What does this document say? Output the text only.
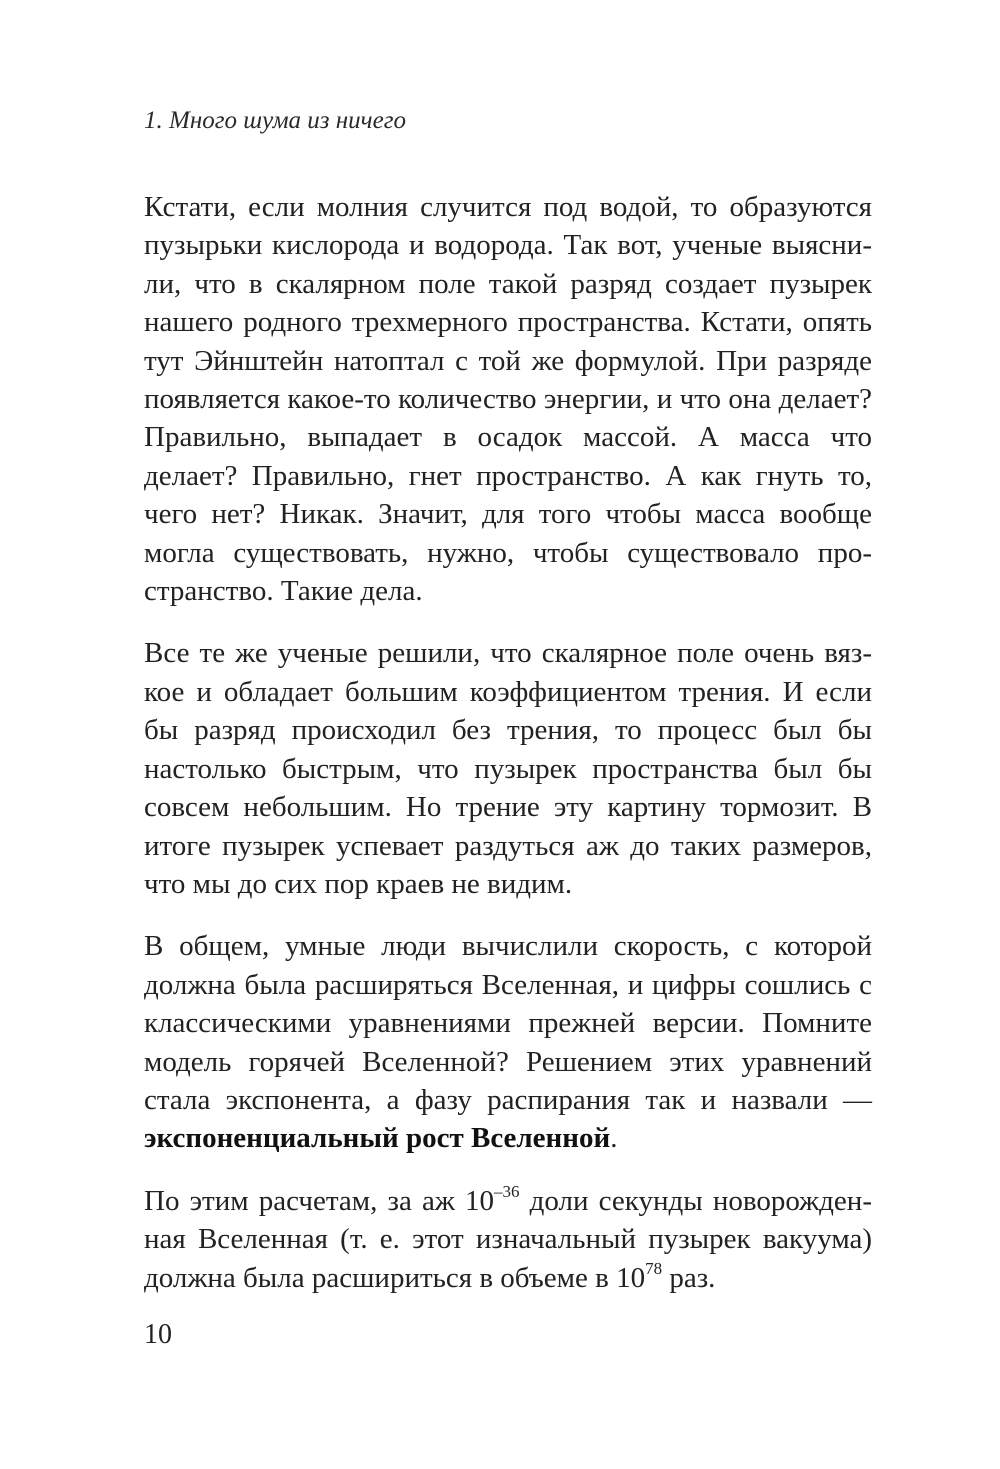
1. Много шума из ничего

Кстати, если молния случится под водой, то образуются пузырьки кислорода и водорода. Так вот, ученые выяснили, что в скалярном поле такой разряд создает пузырек нашего родного трехмерного пространства. Кстати, опять тут Эйнштейн натоптал с той же формулой. При разряде появляется какое-то количество энергии, и что она делает? Правильно, выпадает в осадок массой. А масса что делает? Правильно, гнет пространство. А как гнуть то, чего нет? Никак. Значит, для того чтобы масса вообще могла существовать, нужно, чтобы существовало пространство. Такие дела.

Все те же ученые решили, что скалярное поле очень вязкое и обладает большим коэффициентом трения. И если бы разряд происходил без трения, то процесс был бы настолько быстрым, что пузырек пространства был бы совсем небольшим. Но трение эту картину тормозит. В итоге пузырек успевает раздуться аж до таких размеров, что мы до сих пор краев не видим.

В общем, умные люди вычислили скорость, с которой должна была расширяться Вселенная, и цифры сошлись с классическими уравнениями прежней версии. Помните модель горячей Вселенной? Решением этих уравнений стала экспонента, а фазу распирания так и назвали — экспоненциальный рост Вселенной.

По этим расчетам, за аж $10^{-36}$ доли секунды новорожденная Вселенная (т. е. этот изначальный пузырек вакуума) должна была расшириться в объеме в $10^{78}$ раз.

10
